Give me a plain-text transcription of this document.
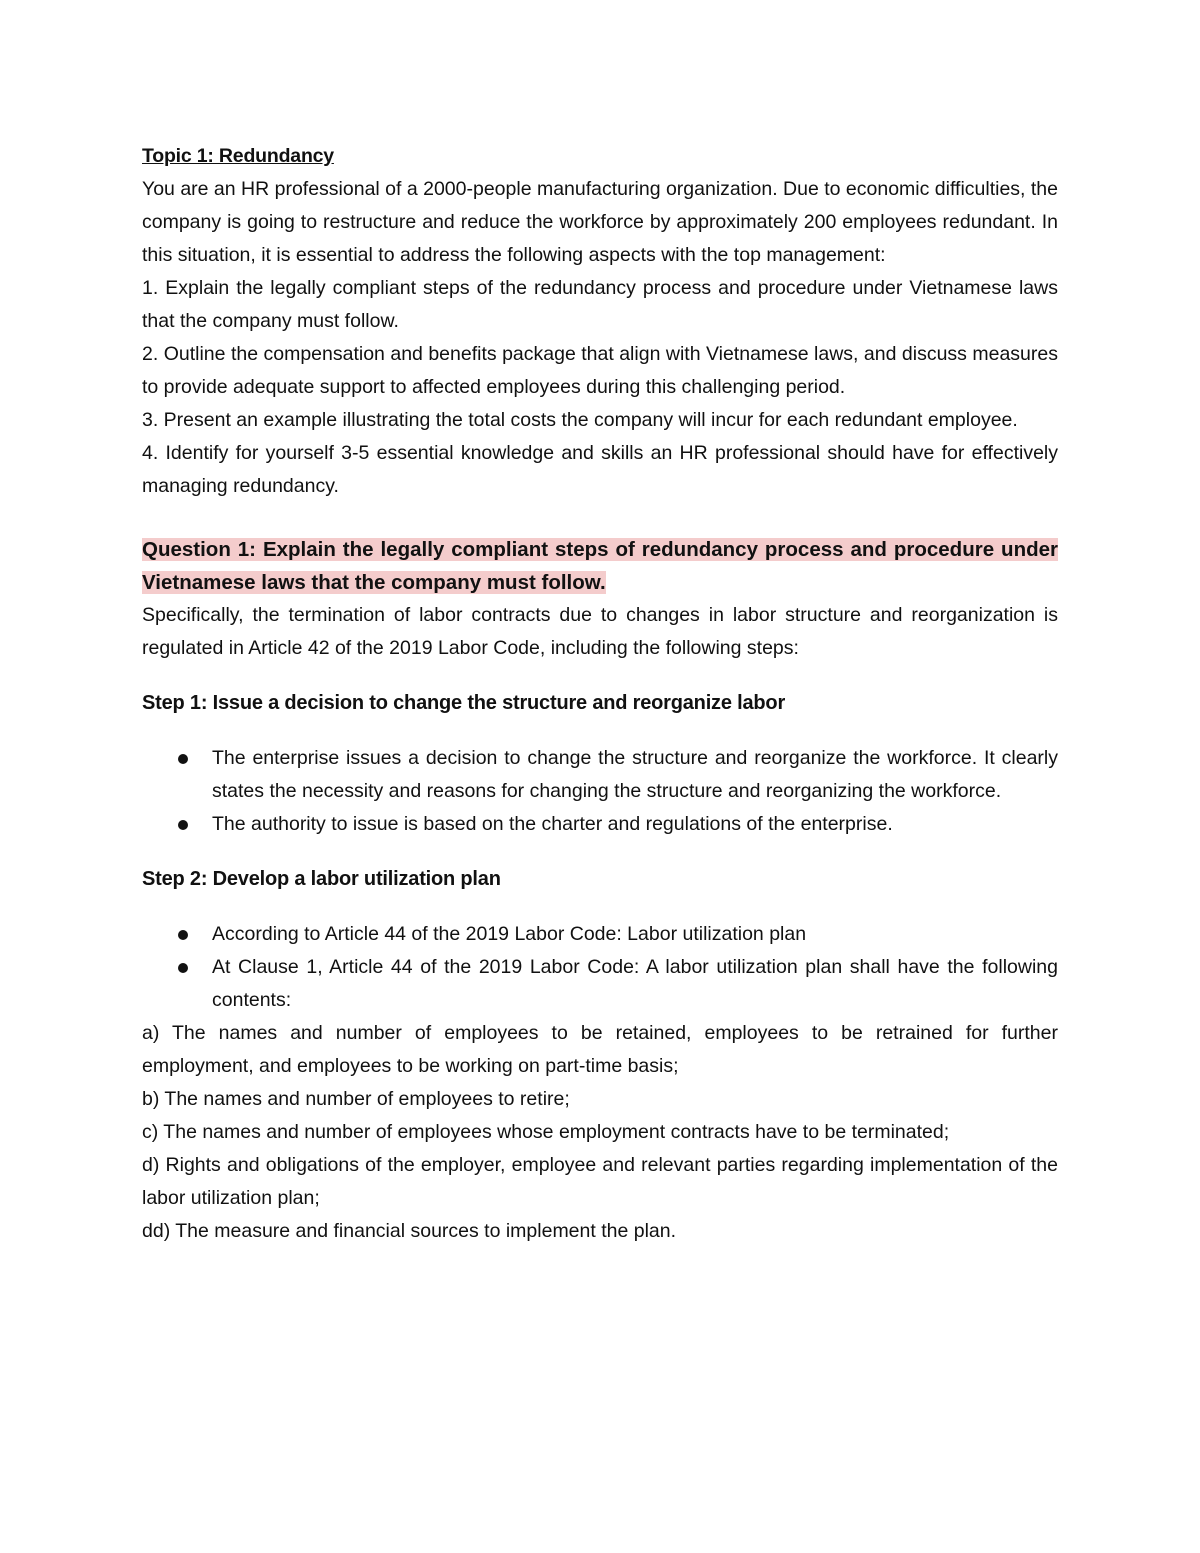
Topic 1: Redundancy

You are an HR professional of a 2000-people manufacturing organization. Due to economic difficulties, the company is going to restructure and reduce the workforce by approximately 200 employees redundant. In this situation, it is essential to address the following aspects with the top management:

1. Explain the legally compliant steps of the redundancy process and procedure under Vietnamese laws that the company must follow.

2. Outline the compensation and benefits package that align with Vietnamese laws, and discuss measures to provide adequate support to affected employees during this challenging period.

3. Present an example illustrating the total costs the company will incur for each redundant employee.

4. Identify for yourself 3-5 essential knowledge and skills an HR professional should have for effectively managing redundancy.

Question 1: Explain the legally compliant steps of redundancy process and procedure under Vietnamese laws that the company must follow.

Specifically, the termination of labor contracts due to changes in labor structure and reorganization is regulated in Article 42 of the 2019 Labor Code, including the following steps:

Step 1: Issue a decision to change the structure and reorganize labor

The enterprise issues a decision to change the structure and reorganize the workforce. It clearly states the necessity and reasons for changing the structure and reorganizing the workforce.
The authority to issue is based on the charter and regulations of the enterprise.

Step 2: Develop a labor utilization plan

According to Article 44 of the 2019 Labor Code: Labor utilization plan
At Clause 1, Article 44 of the 2019 Labor Code: A labor utilization plan shall have the following contents:

a) The names and number of employees to be retained, employees to be retrained for further employment, and employees to be working on part-time basis;

b) The names and number of employees to retire;

c) The names and number of employees whose employment contracts have to be terminated;

d) Rights and obligations of the employer, employee and relevant parties regarding implementation of the labor utilization plan;

dd) The measure and financial sources to implement the plan.
